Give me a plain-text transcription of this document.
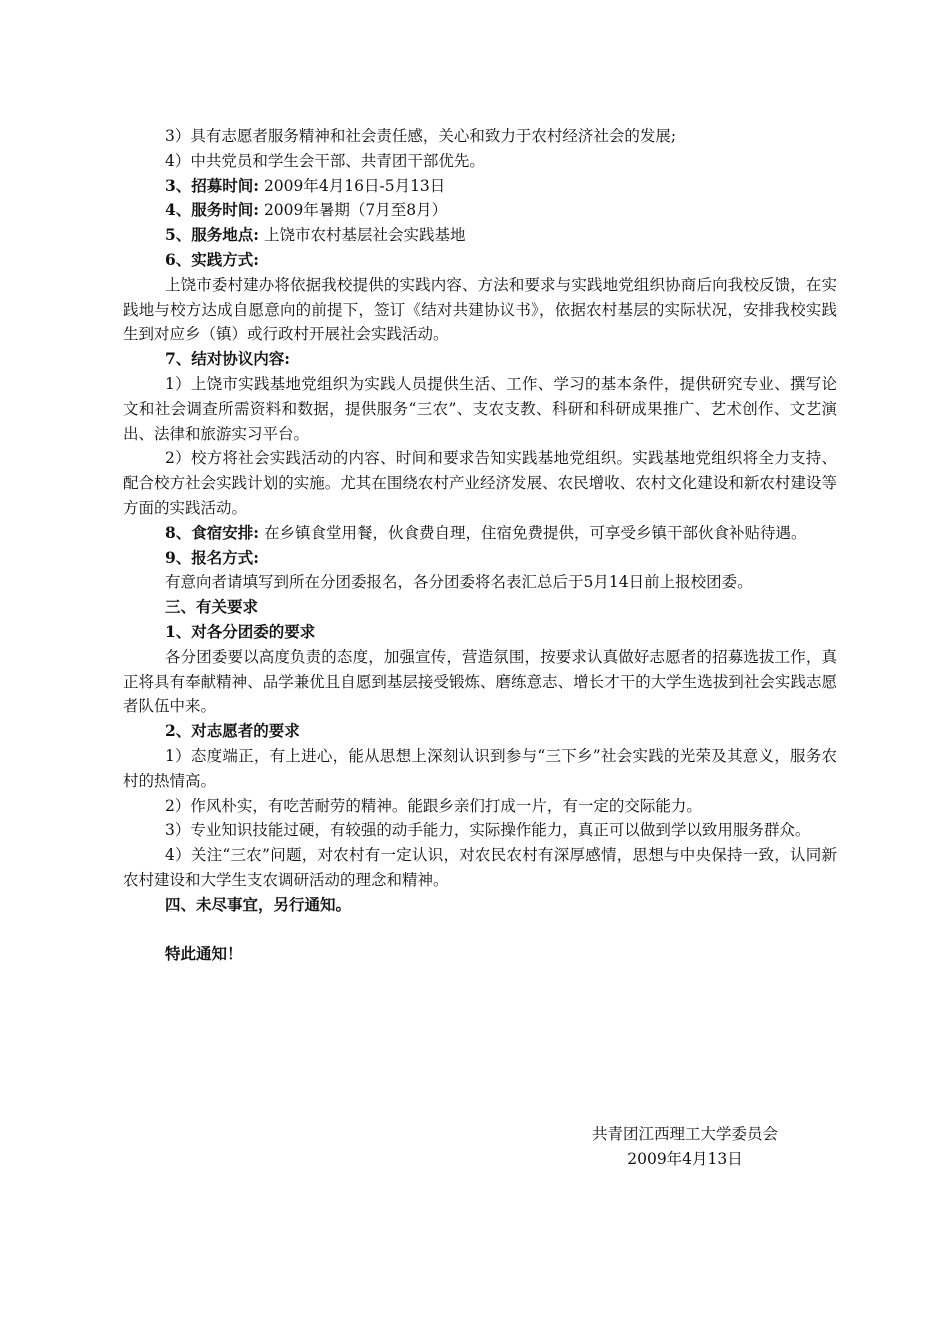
3）具有志愿者服务精神和社会责任感，关心和致力于农村经济社会的发展;

4）中共党员和学生会干部、共青团干部优先。

3、招募时间: 2009年4月16日-5月13日

4、服务时间: 2009年暑期（7月至8月）

5、服务地点: 上饶市农村基层社会实践基地

6、实践方式:

上饶市委村建办将依据我校提供的实践内容、方法和要求与实践地党组织协商后向我校反馈，在实践地与校方达成自愿意向的前提下，签订《结对共建协议书》，依据农村基层的实际状况，安排我校实践生到对应乡（镇）或行政村开展社会实践活动。

7、结对协议内容:

1）上饶市实践基地党组织为实践人员提供生活、工作、学习的基本条件，提供研究专业、撰写论文和社会调查所需资料和数据，提供服务“三农”、支农支教、科研和科研成果推广、艺术创作、文艺演出、法律和旅游实习平台。

2）校方将社会实践活动的内容、时间和要求告知实践基地党组织。实践基地党组织将全力支持、配合校方社会实践计划的实施。尤其在围绕农村产业经济发展、农民增收、农村文化建设和新农村建设等方面的实践活动。

8、食宿安排: 在乡镇食堂用餐，伙食费自理，住宿免费提供，可享受乡镇干部伙食补贴待遇。

9、报名方式:

有意向者请填写到所在分团委报名，各分团委将名表汇总后于5月14日前上报校团委。

三、有关要求

1、对各分团委的要求

各分团委要以高度负责的态度，加强宣传，营造氛围，按要求认真做好志愿者的招募选拔工作，真正将具有奉献精神、品学兼优且自愿到基层接受锻炼、磨练意志、增长才干的大学生选拔到社会实践志愿者队伍中来。

2、对志愿者的要求

1）态度端正，有上进心，能从思想上深刻认识到参与“三下乡”社会实践的光荣及其意义，服务农村的热情高。

2）作风朴实，有吃苦耐劳的精神。能跟乡亲们打成一片，有一定的交际能力。

3）专业知识技能过硬，有较强的动手能力，实际操作能力，真正可以做到学以致用服务群众。

4）关注“三农”问题，对农村有一定认识，对农民农村有深厚感情，思想与中央保持一致，认同新农村建设和大学生支农调研活动的理念和精神。

四、未尽事宜，另行通知。

特此通知！

共青团江西理工大学委员会

2009年4月13日
